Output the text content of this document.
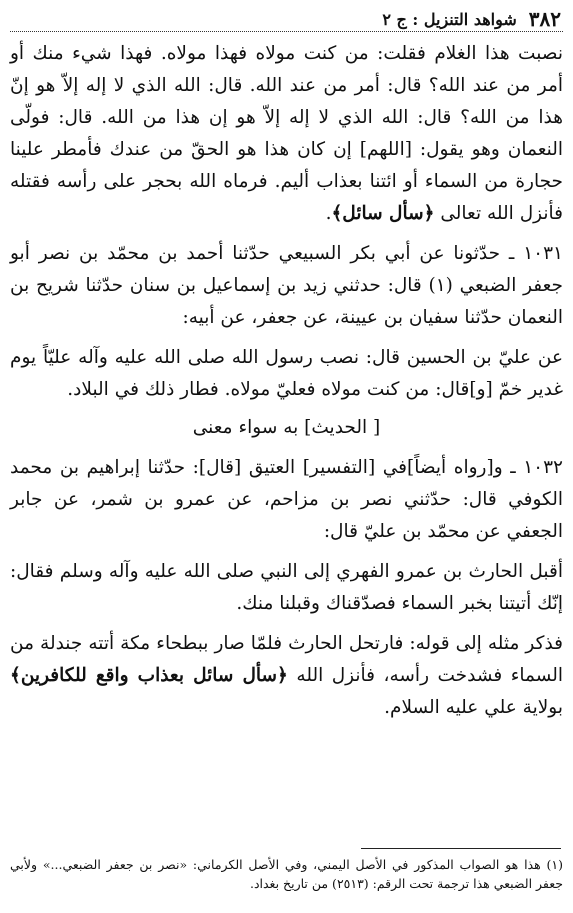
٣٨٢
شواهد التنزيل : ج ٢

نصبت هذا الغلام فقلت: من كنت مولاه فهذا مولاه. فهذا شيء منك أو أمر من عند الله؟ قال: أمر من عند الله. قال: الله الذي لا إله إلاّ هو إنّ هذا من الله؟ قال: الله الذي لا إله إلاّ هو إن هذا من الله. قال: فولّى النعمان وهو يقول: [اللهم] إن كان هذا هو الحقّ من عندك فأمطر علينا حجارة من السماء أو ائتنا بعذاب أليم. فرماه الله بحجر على رأسه فقتله فأنزل الله تعالى ﴿سأل سائل﴾.

١٠٣١ ـ حدّثونا عن أبي بكر السبيعي حدّثنا أحمد بن محمّد بن نصر أبو جعفر الضبعي (١) قال: حدثني زيد بن إسماعيل بن سنان حدّثنا شريح بن النعمان حدّثنا سفيان بن عيينة، عن جعفر، عن أبيه:

عن عليّ بن الحسين قال: نصب رسول الله صلى الله عليه وآله عليّاً يوم غدير خمّ [و]قال: من كنت مولاه فعليّ مولاه. فطار ذلك في البلاد.

[ الحديث] به سواء معنى

١٠٣٢ ـ و[رواه أيضاً]في [التفسير] العتيق [قال]: حدّثنا إبراهيم بن محمد الكوفي قال: حدّثني نصر بن مزاحم، عن عمرو بن شمر، عن جابر الجعفي عن محمّد بن عليّ قال:

أقبل الحارث بن عمرو الفهري إلى النبي صلى الله عليه وآله وسلم فقال: إنّك أتيتنا بخبر السماء فصدّقناك وقبلنا منك.

فذكر مثله إلى قوله: فارتحل الحارث فلمّا صار ببطحاء مكة أتته جندلة من السماء فشدخت رأسه، فأنزل الله ﴿سأل سائل بعذاب واقع للكافرين﴾ بولاية علي عليه السلام.

(١) هذا هو الصواب المذكور في الأصل اليمني، وفي الأصل الكرماني: «نصر بن جعفر الضبعي...» ولأبي جعفر الضبعي هذا ترجمة تحت الرقم: (٢٥١٣) من تاريخ بغداد.
